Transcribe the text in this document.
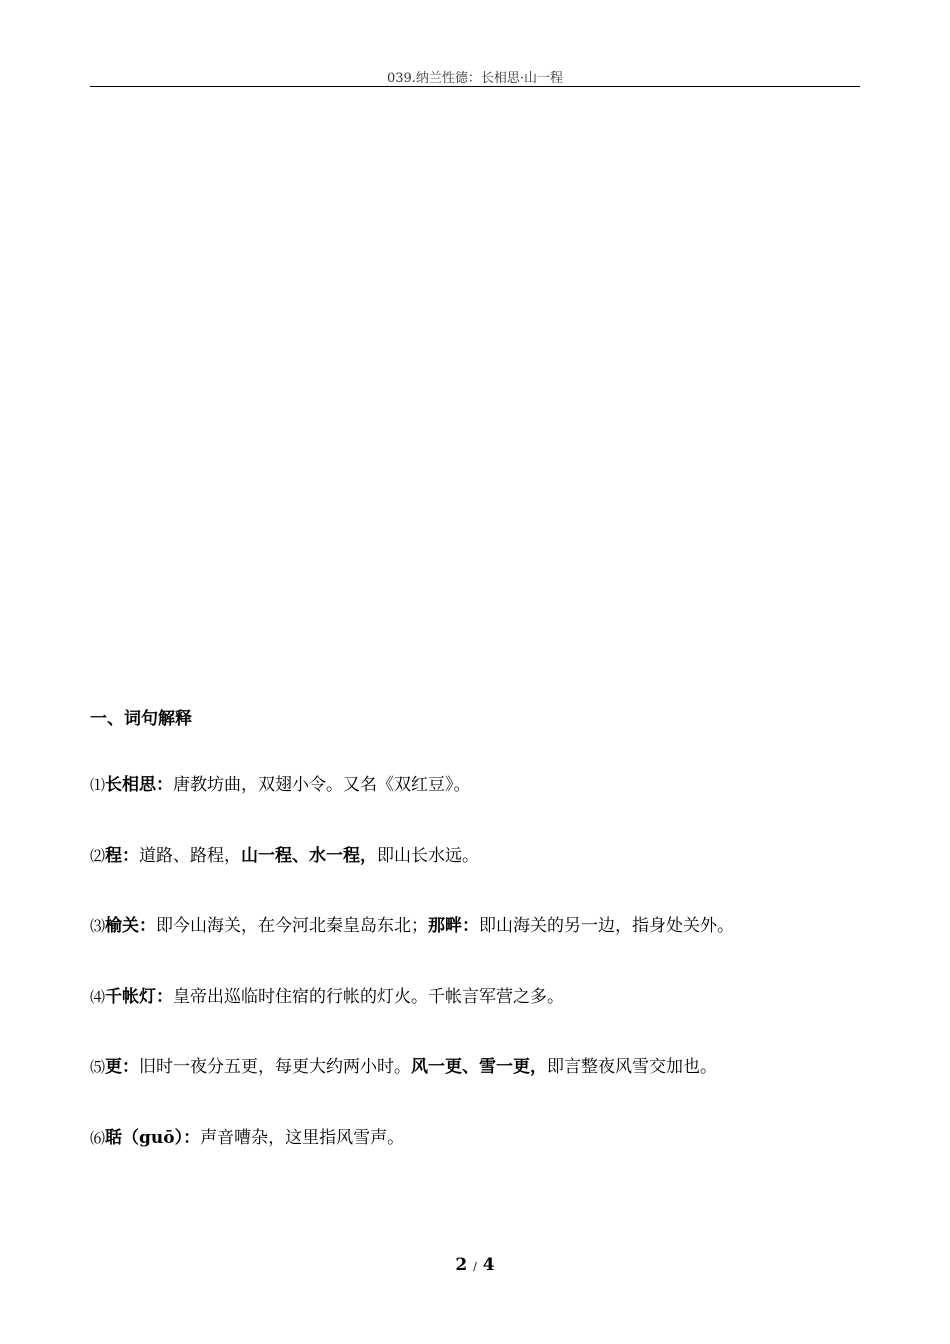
039.纳兰性德：长相思·山一程
一、词句解释
⑴长相思：唐教坊曲，双翅小令。又名《双红豆》。
⑵程：道路、路程，山一程、水一程，即山长水远。
⑶榆关：即今山海关，在今河北秦皇岛东北；那畔：即山海关的另一边，指身处关外。
⑷千帐灯：皇帝出巡临时住宿的行帐的灯火。千帐言军营之多。
⑸更：旧时一夜分五更，每更大约两小时。风一更、雪一更，即言整夜风雪交加也。
⑹聒（guō）：声音嘈杂，这里指风雪声。
2 / 4
